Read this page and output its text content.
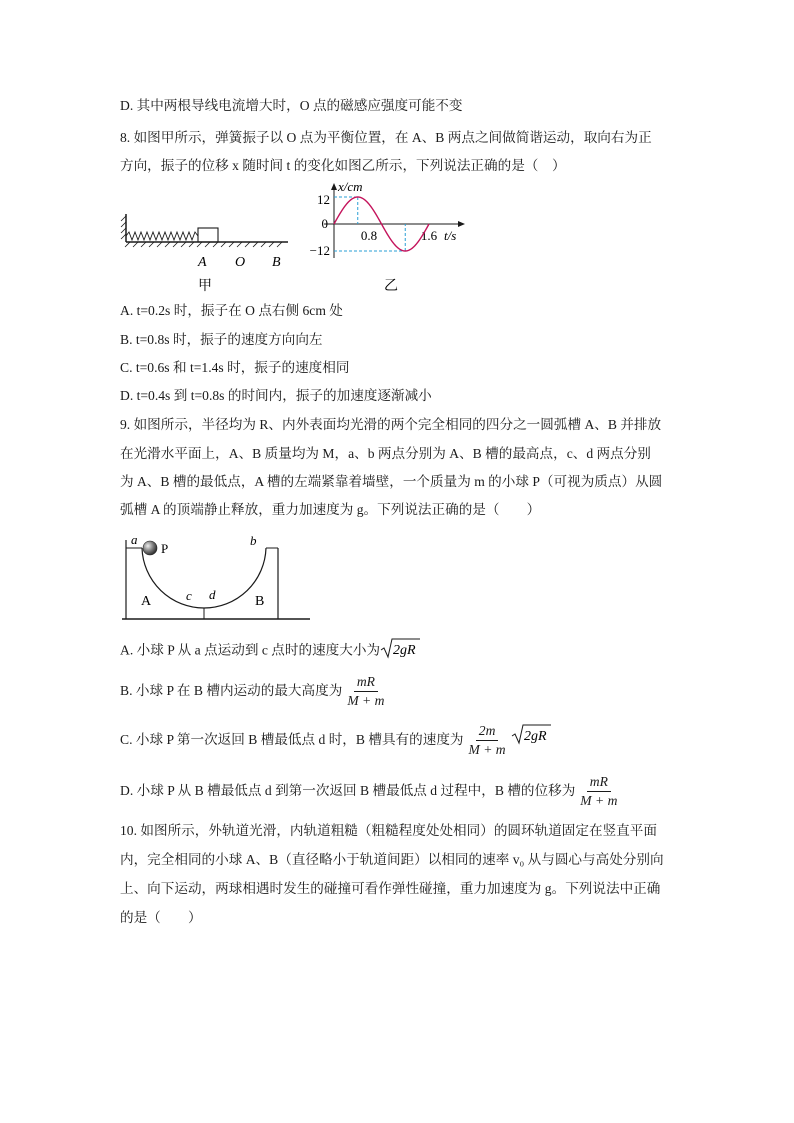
D. 其中两根导线电流增大时，O 点的磁感应强度可能不变
8. 如图甲所示，弹簧振子以 O 点为平衡位置，在 A、B 两点之间做简谐运动，取向右为正
方向，振子的位移 x 随时间 t 的变化如图乙所示，下列说法正确的是（　）
A O B
甲
x/cm
t/s
12
0
−12
0.8	1.6
乙
A. t=0.2s 时，振子在 O 点右侧 6cm 处
B. t=0.8s 时，振子的速度方向向左
C. t=0.6s 和 t=1.4s 时，振子的速度相同
D. t=0.4s 到 t=0.8s 的时间内，振子的加速度逐渐减小
9. 如图所示，半径均为 R、内外表面均光滑的两个完全相同的四分之一圆弧槽 A、B 并排放
在光滑水平面上，A、B 质量均为 M，a、b 两点分别为 A、B 槽的最高点，c、d 两点分别
为 A、B 槽的最低点，A 槽的左端紧靠着墙壁，一个质量为 m 的小球 P（可视为质点）从圆
弧槽 A 的顶端静止释放，重力加速度为 g。下列说法正确的是（　　）
a
P
b
c d
A	B
A. 小球 P 从 a 点运动到 c 点时的速度大小为 2gR
B. 小球 P 在 B 槽内运动的最大高度为 $\frac{mR}{M + m}$
C. 小球 P 第一次返回 B 槽最低点 d 时，B 槽具有的速度为 $\frac{2m}{M + m} 2gR$
D. 小球 P 从 B 槽最低点 d 到第一次返回 B 槽最低点 d 过程中，B 槽的位移为 $\frac{mR}{M + m}$
10. 如图所示，外轨道光滑，内轨道粗糙（粗糙程度处处相同）的圆环轨道固定在竖直平面
内，完全相同的小球 A、B（直径略小于轨道间距）以相同的速率 v₀ 从与圆心与高处分别向
上、向下运动，两球相遇时发生的碰撞可看作弹性碰撞，重力加速度为 g。下列说法中正确
的是（　　）
